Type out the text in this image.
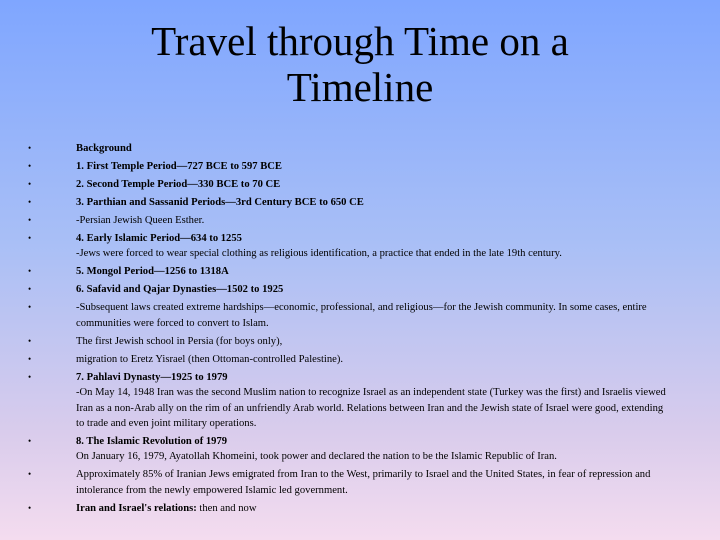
Travel through Time on a
Timeline
•	Background
•	1. First Temple Period—727 BCE to 597 BCE
•	2. Second Temple Period—330 BCE to 70 CE
•	3. Parthian and Sassanid Periods—3rd Century BCE to 650 CE
•	-Persian Jewish Queen Esther.
•	4. Early Islamic Period—634 to 1255
-Jews were forced to wear special clothing as religious identification, a practice that ended in the late 19th century.
•	5. Mongol Period—1256 to 1318A
•	6. Safavid and Qajar Dynasties—1502 to 1925
•	-Subsequent laws created extreme hardships—economic, professional, and religious—for the Jewish community. In some cases, entire communities were forced to convert to Islam.
•	The first Jewish school in Persia (for boys only),
•	migration to Eretz Yisrael (then Ottoman-controlled Palestine).
•	7. Pahlavi Dynasty—1925 to 1979
-On May 14, 1948 Iran was the second Muslim nation to recognize Israel as an independent state (Turkey was the first) and Israelis viewed Iran as a non-Arab ally on the rim of an unfriendly Arab world. Relations between Iran and the Jewish state of Israel were good, extending to trade and even joint military operations.
•	8. The Islamic Revolution of 1979
On January 16, 1979, Ayatollah Khomeini, took power and declared the nation to be the Islamic Republic of Iran.
•	Approximately 85% of Iranian Jews emigrated from Iran to the West, primarily to Israel and the United States, in fear of repression and intolerance from the newly empowered Islamic led government.
•	Iran and Israel's relations: then and now
